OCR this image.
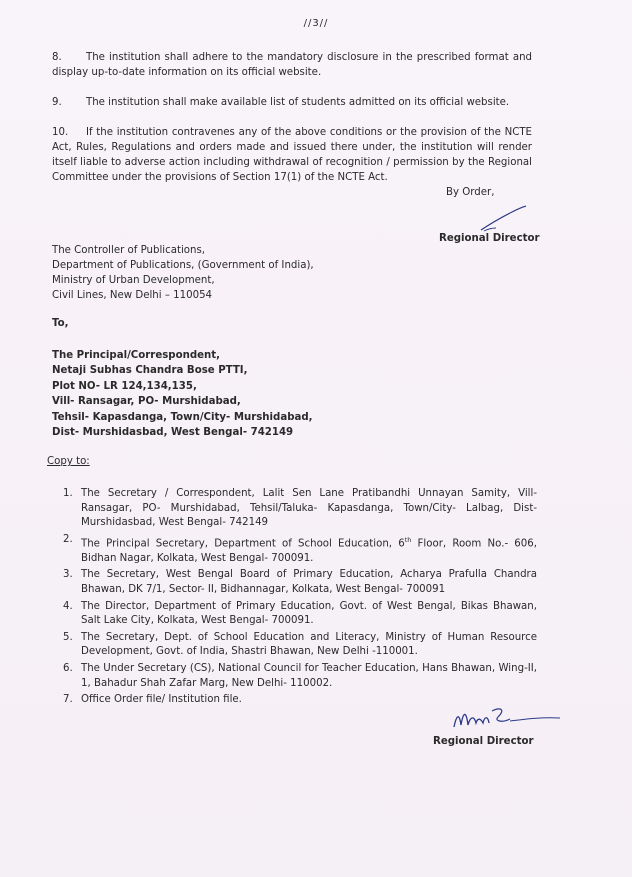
//3//
8. The institution shall adhere to the mandatory disclosure in the prescribed format and display up-to-date information on its official website.
9. The institution shall make available list of students admitted on its official website.
10. If the institution contravenes any of the above conditions or the provision of the NCTE Act, Rules, Regulations and orders made and issued there under, the institution will render itself liable to adverse action including withdrawal of recognition / permission by the Regional Committee under the provisions of Section 17(1) of the NCTE Act.
By Order,
Regional Director
The Controller of Publications,
Department of Publications, (Government of India),
Ministry of Urban Development,
Civil Lines, New Delhi – 110054
To,
The Principal/Correspondent,
Netaji Subhas Chandra Bose PTTI,
Plot NO- LR 124,134,135,
Vill- Ransagar, PO- Murshidabad,
Tehsil- Kapasdanga, Town/City- Murshidabad,
Dist- Murshidasbad, West Bengal- 742149
Copy to:
1. The Secretary / Correspondent, Lalit Sen Lane Pratibandhi Unnayan Samity, Vill- Ransagar, PO- Murshidabad, Tehsil/Taluka- Kapasdanga, Town/City- Lalbag, Dist- Murshidasbad, West Bengal- 742149
2. The Principal Secretary, Department of School Education, 6th Floor, Room No.- 606, Bidhan Nagar, Kolkata, West Bengal- 700091.
3. The Secretary, West Bengal Board of Primary Education, Acharya Prafulla Chandra Bhawan, DK 7/1, Sector- II, Bidhannagar, Kolkata, West Bengal- 700091
4. The Director, Department of Primary Education, Govt. of West Bengal, Bikas Bhawan, Salt Lake City, Kolkata, West Bengal- 700091.
5. The Secretary, Dept. of School Education and Literacy, Ministry of Human Resource Development, Govt. of India, Shastri Bhawan, New Delhi -110001.
6. The Under Secretary (CS), National Council for Teacher Education, Hans Bhawan, Wing-II, 1, Bahadur Shah Zafar Marg, New Delhi- 110002.
7. Office Order file/ Institution file.
Regional Director
